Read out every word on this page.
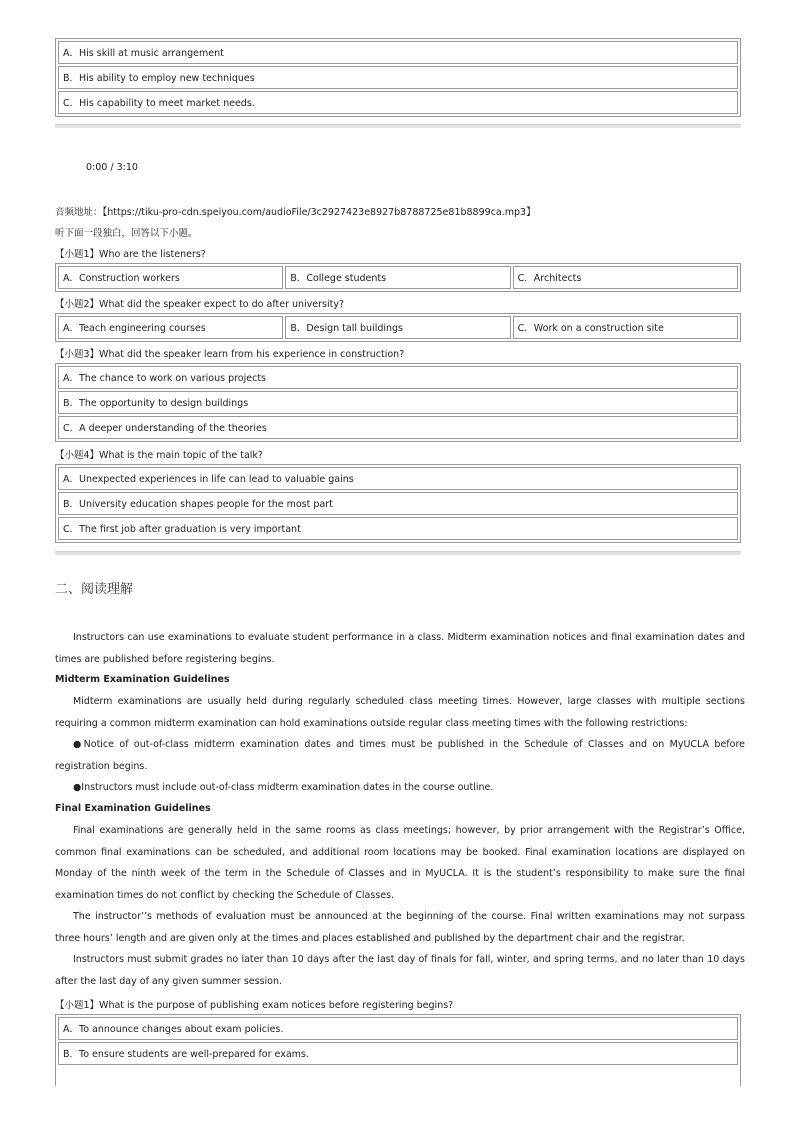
A．His skill at music arrangement
B．His ability to employ new techniques
C．His capability to meet market needs.
0:00 / 3:10
音频地址：【https://tiku-pro-cdn.speiyou.com/audioFile/3c2927423e8927b8788725e81b8899ca.mp3】
听下面一段独白，回答以下小题。
【小题1】Who are the listeners?
A．Construction workers	B．College students	C．Architects
【小题2】What did the speaker expect to do after university?
A．Teach engineering courses	B．Design tall buildings	C．Work on a construction site
【小题3】What did the speaker learn from his experience in construction?
A．The chance to work on various projects
B．The opportunity to design buildings
C．A deeper understanding of the theories
【小题4】What is the main topic of the talk?
A．Unexpected experiences in life can lead to valuable gains
B．University education shapes people for the most part
C．The first job after graduation is very important
二、阅读理解
Instructors can use examinations to evaluate student performance in a class. Midterm examination notices and final examination dates and times are published before registering begins.
Midterm Examination Guidelines
Midterm examinations are usually held during regularly scheduled class meeting times. However, large classes with multiple sections requiring a common midterm examination can hold examinations outside regular class meeting times with the following restrictions:
●Notice of out-of-class midterm examination dates and times must be published in the Schedule of Classes and on MyUCLA before registration begins.
●Instructors must include out-of-class midterm examination dates in the course outline.
Final Examination Guidelines
Final examinations are generally held in the same rooms as class meetings; however, by prior arrangement with the Registrar’s Office, common final examinations can be scheduled, and additional room locations may be booked. Final examination locations are displayed on Monday of the ninth week of the term in the Schedule of Classes and in MyUCLA. It is the student’s responsibility to make sure the final examination times do not conflict by checking the Schedule of Classes.
The instructor’’s methods of evaluation must be announced at the beginning of the course. Final written examinations may not surpass three hours’ length and are given only at the times and places established and published by the department chair and the registrar.
Instructors must submit grades no later than 10 days after the last day of finals for fall, winter, and spring terms, and no later than 10 days after the last day of any given summer session.
【小题1】What is the purpose of publishing exam notices before registering begins?
A．To announce changes about exam policies.
B．To ensure students are well-prepared for exams.
